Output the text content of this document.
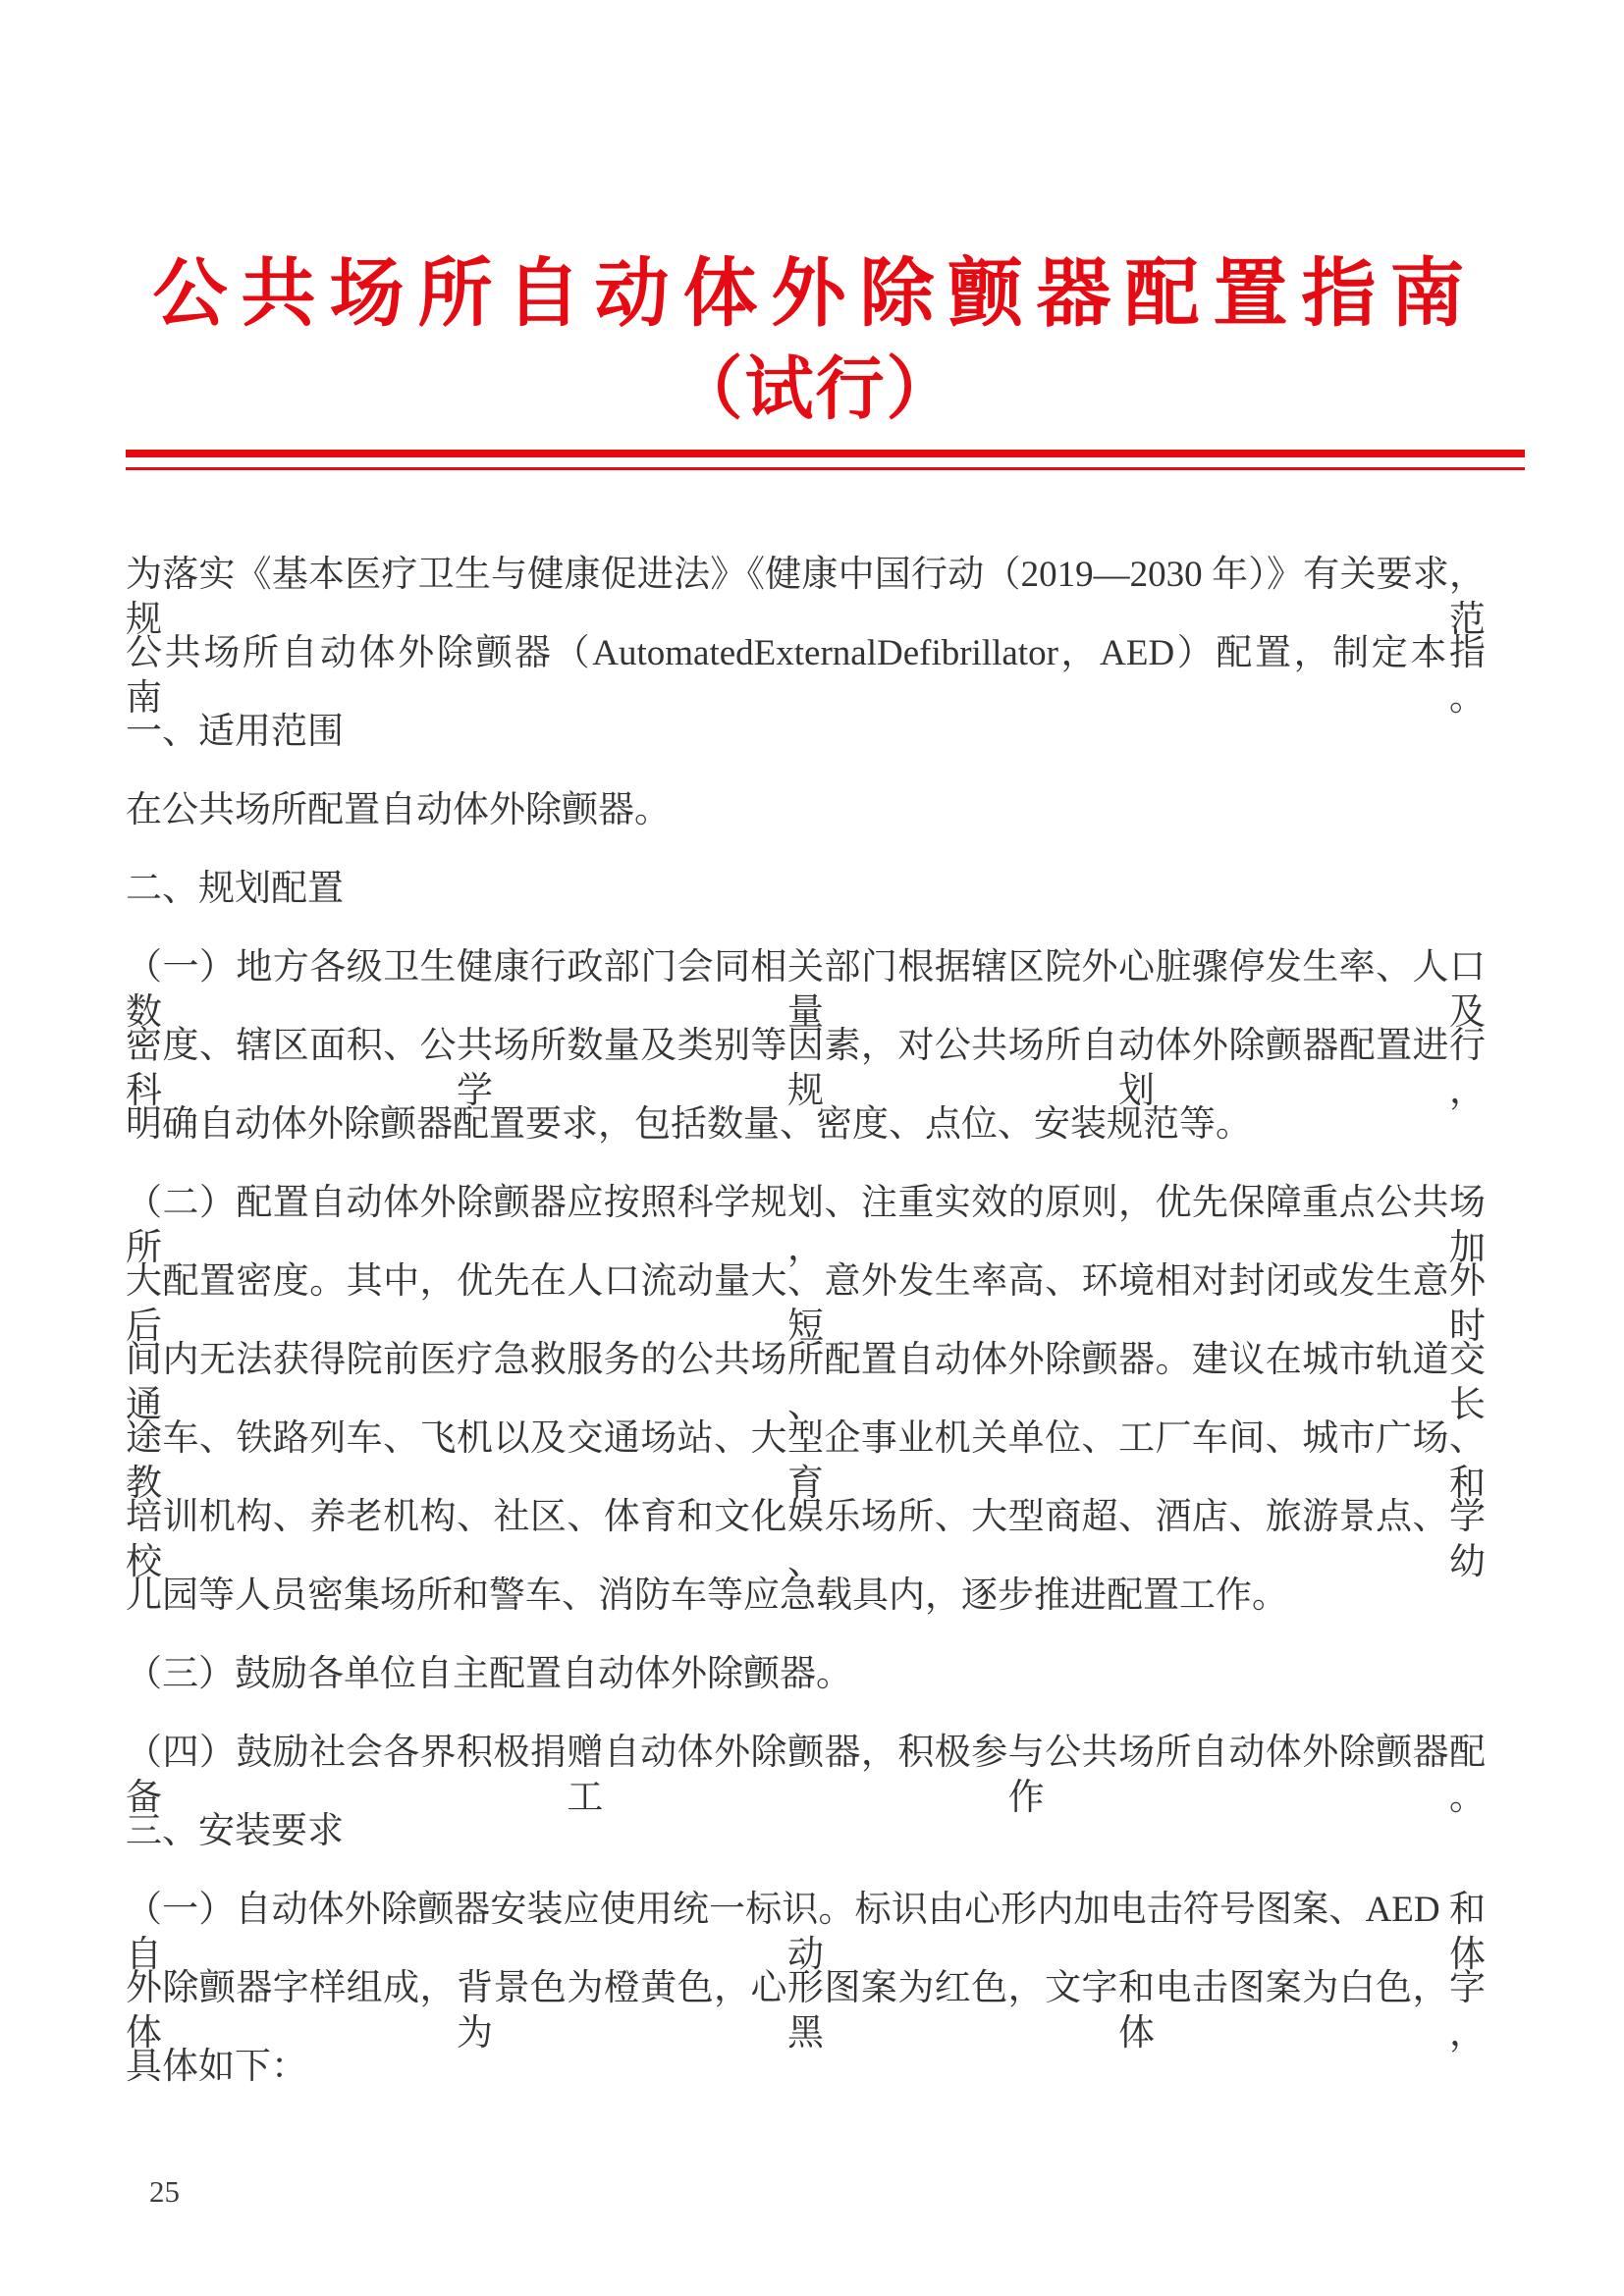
公共场所自动体外除颤器配置指南
（试行）
为落实《基本医疗卫生与健康促进法》《健康中国行动（2019—2030 年）》有关要求，规范
公共场所自动体外除颤器（AutomatedExternalDefibrillator，AED）配置，制定本指南。
一、适用范围
在公共场所配置自动体外除颤器。
二、规划配置
（一）地方各级卫生健康行政部门会同相关部门根据辖区院外心脏骤停发生率、人口数量及
密度、辖区面积、公共场所数量及类别等因素，对公共场所自动体外除颤器配置进行科学规划，
明确自动体外除颤器配置要求，包括数量、密度、点位、安装规范等。
（二）配置自动体外除颤器应按照科学规划、注重实效的原则，优先保障重点公共场所，加
大配置密度。其中，优先在人口流动量大、意外发生率高、环境相对封闭或发生意外后短时
间内无法获得院前医疗急救服务的公共场所配置自动体外除颤器。建议在城市轨道交通、长
途车、铁路列车、飞机以及交通场站、大型企事业机关单位、工厂车间、城市广场、教育和
培训机构、养老机构、社区、体育和文化娱乐场所、大型商超、酒店、旅游景点、学校、幼
儿园等人员密集场所和警车、消防车等应急载具内，逐步推进配置工作。
（三）鼓励各单位自主配置自动体外除颤器。
（四）鼓励社会各界积极捐赠自动体外除颤器，积极参与公共场所自动体外除颤器配备工作。
三、安装要求
（一）自动体外除颤器安装应使用统一标识。标识由心形内加电击符号图案、AED 和自动体
外除颤器字样组成，背景色为橙黄色，心形图案为红色，文字和电击图案为白色，字体为黑体，
具体如下：
25
